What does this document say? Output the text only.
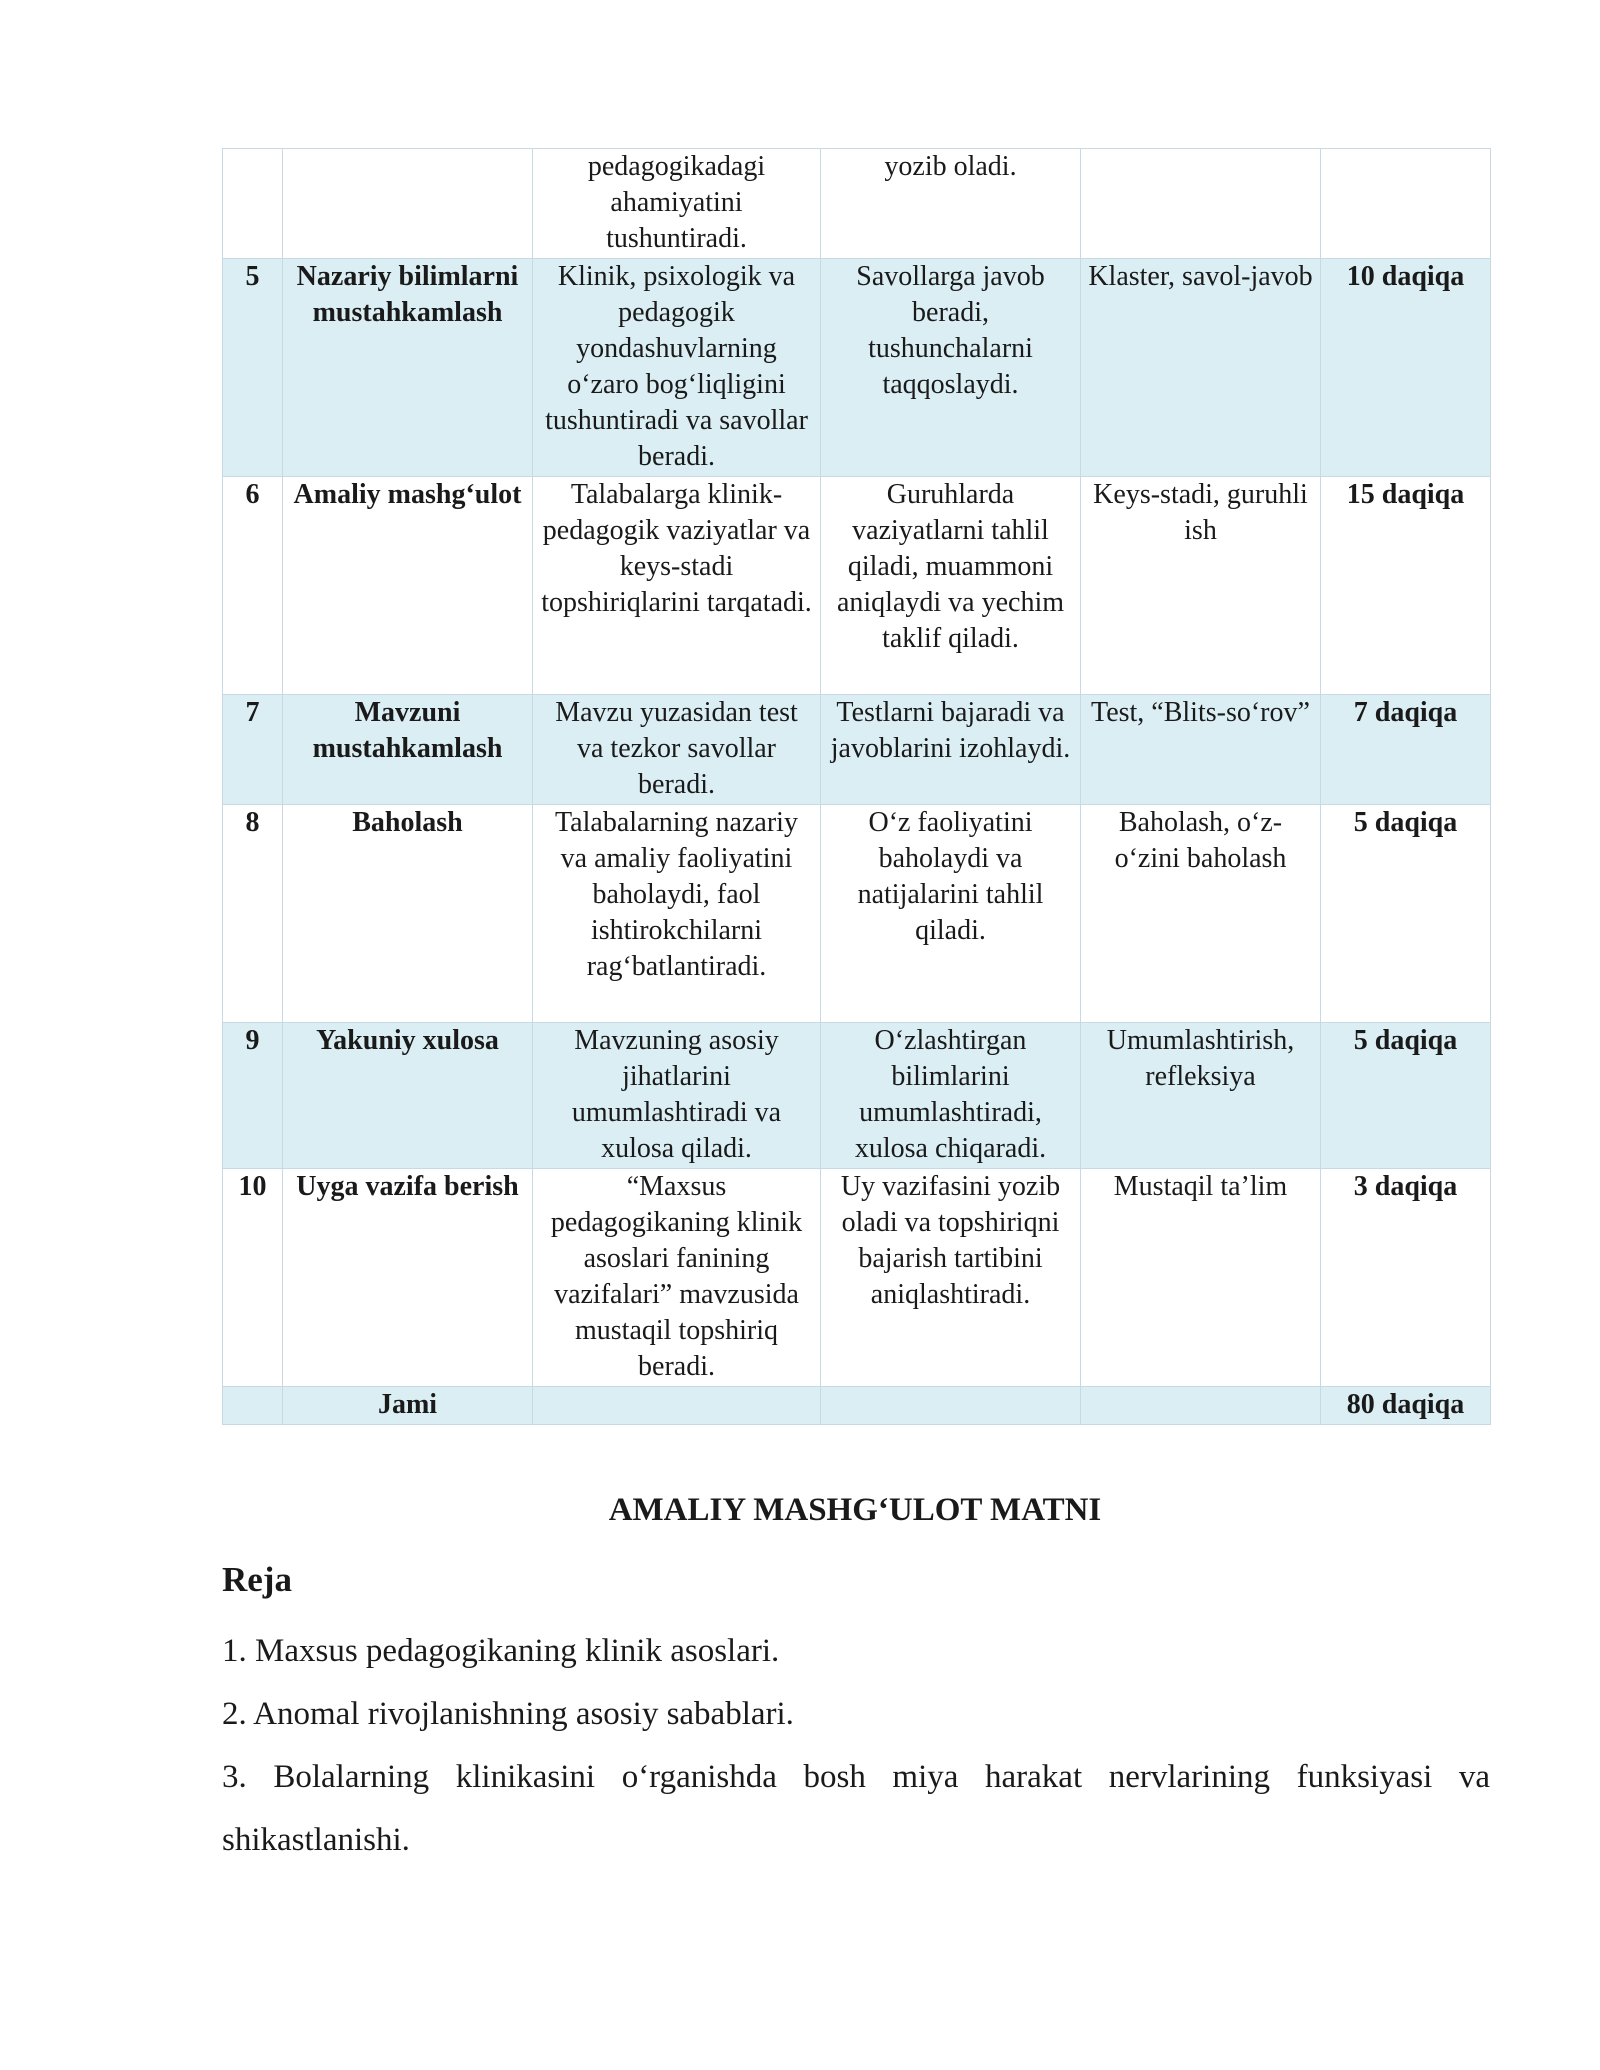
		pedagogikadagi ahamiyatini tushuntiradi.	yozib oladi.		
5	Nazariy bilimlarni mustahkamlash	Klinik, psixologik va pedagogik yondashuvlarning o‘zaro bog‘liqligini tushuntiradi va savollar beradi.	Savollarga javob beradi, tushunchalarni taqqoslaydi.	Klaster, savol-javob	10 daqiqa
6	Amaliy mashg‘ulot	Talabalarga klinik-pedagogik vaziyatlar va keys-stadi topshiriqlarini tarqatadi.	Guruhlarda vaziyatlarni tahlil qiladi, muammoni aniqlaydi va yechim taklif qiladi.	Keys-stadi, guruhli ish	15 daqiqa
7	Mavzuni mustahkamlash	Mavzu yuzasidan test va tezkor savollar beradi.	Testlarni bajaradi va javoblarini izohlaydi.	Test, “Blits-so‘rov”	7 daqiqa
8	Baholash	Talabalarning nazariy va amaliy faoliyatini baholaydi, faol ishtirokchilarni rag‘batlantiradi.	O‘z faoliyatini baholaydi va natijalarini tahlil qiladi.	Baholash, o‘z-o‘zini baholash	5 daqiqa
9	Yakuniy xulosa	Mavzuning asosiy jihatlarini umumlashtiradi va xulosa qiladi.	O‘zlashtirgan bilimlarini umumlashtiradi, xulosa chiqaradi.	Umumlashtirish, refleksiya	5 daqiqa
10	Uyga vazifa berish	“Maxsus pedagogikaning klinik asoslari fanining vazifalari” mavzusida mustaqil topshiriq beradi.	Uy vazifasini yozib oladi va topshiriqni bajarish tartibini aniqlashtiradi.	Mustaqil ta’lim	3 daqiqa
	Jami				80 daqiqa
AMALIY MASHG‘ULOT MATNI
Reja
1. Maxsus pedagogikaning klinik asoslari.
2. Anomal rivojlanishning asosiy sabablari.
3. Bolalarning klinikasini o‘rganishda bosh miya harakat nervlarining funksiyasi va shikastlanishi.
